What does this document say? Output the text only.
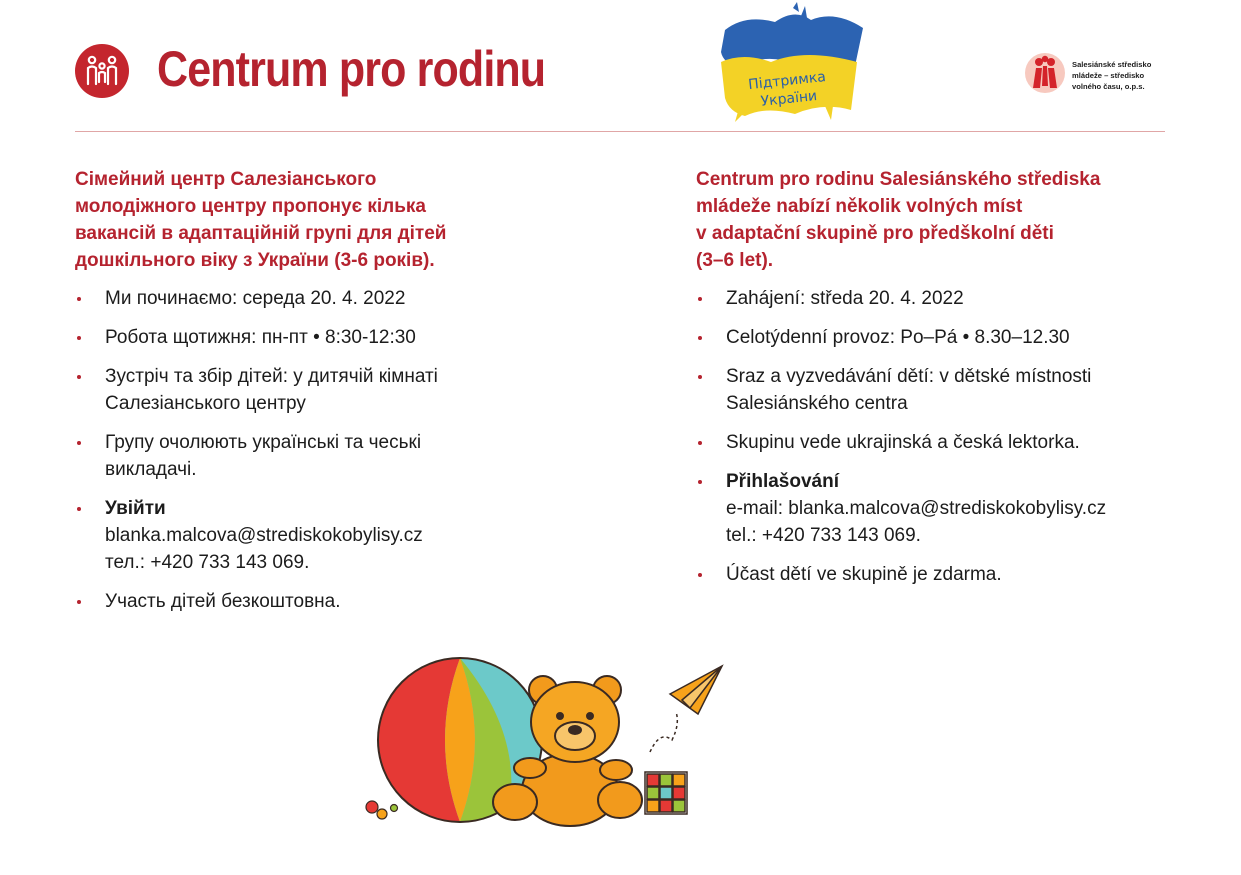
Centrum pro rodinu	Підтримка
України
Salesiánské středisko
mládeže – středisko
volného času, o.p.s.
Сімейний центр Салезіанського
молодіжного центру пропонує кілька
вакансій в адаптаційній групі для дітей
дошкільного віку з України (3-6 років).
Ми починаємо: середа 20. 4. 2022
Робота щотижня: пн-пт • 8:30-12:30
Зустріч та збір дітей: у дитячій кімнаті
Салезіанського центру
Групу очолюють українські та чеські
викладачі.
Увійти
blanka.malcova@strediskokobylisy.cz
тел.: +420 733 143 069.
Участь дітей безкоштовна.
Centrum pro rodinu Salesiánského střediska
mládeže nabízí několik volných míst
v adaptační skupině pro předškolní děti
(3–6 let).
Zahájení: středa 20. 4. 2022
Celotýdenní provoz: Po–Pá • 8.30–12.30
Sraz a vyzvedávání dětí: v dětské místnosti
Salesiánského centra
Skupinu vede ukrajinská a česká lektorka.
Přihlašování
e-mail: blanka.malcova@strediskokobylisy.cz
tel.: +420 733 143 069.
Účast dětí ve skupině je zdarma.
